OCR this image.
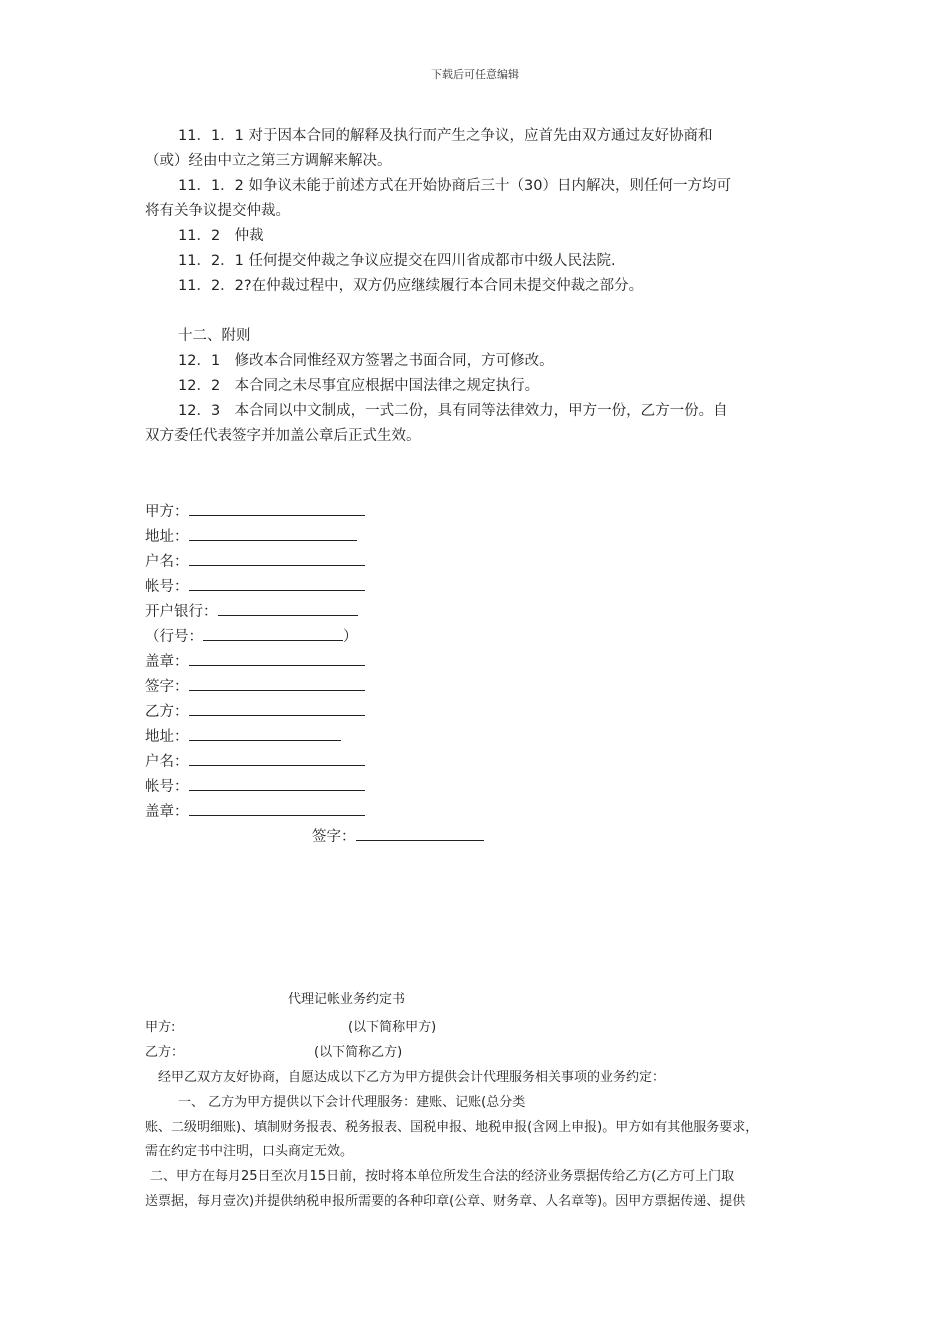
下载后可任意编辑
11．1．1 对于因本合同的解释及执行而产生之争议，应首先由双方通过友好协商和
（或）经由中立之第三方调解来解决。
11．1．2 如争议未能于前述方式在开始协商后三十（30）日内解决，则任何一方均可
将有关争议提交仲裁。
11．2　仲裁
11．2．1 任何提交仲裁之争议应提交在四川省成都市中级人民法院.
11．2．2?在仲裁过程中，双方仍应继续履行本合同未提交仲裁之部分。
十二、附则
12．1　修改本合同惟经双方签署之书面合同，方可修改。
12．2　本合同之未尽事宜应根据中国法律之规定执行。
12．3　本合同以中文制成，一式二份，具有同等法律效力，甲方一份，乙方一份。自
双方委任代表签字并加盖公章后正式生效。
甲方：
地址：
户名：
帐号：
开户银行：
（行号：	）
盖章：
签字：
乙方：
地址：
户名：
帐号：
盖章：
签字：
代理记帐业务约定书
甲方:	(以下简称甲方)
乙方：	(以下简称乙方)
经甲乙双方友好协商，自愿达成以下乙方为甲方提供会计代理服务相关事项的业务约定：
一、 乙方为甲方提供以下会计代理服务：建账、记账(总分类
账、二级明细账)、填制财务报表、税务报表、国税申报、地税申报(含网上申报)。甲方如有其他服务要求，
需在约定书中注明，口头商定无效。
二、甲方在每月25日至次月15日前，按时将本单位所发生合法的经济业务票据传给乙方(乙方可上门取
送票据，每月壹次)并提供纳税申报所需要的各种印章(公章、财务章、人名章等)。因甲方票据传递、提供
